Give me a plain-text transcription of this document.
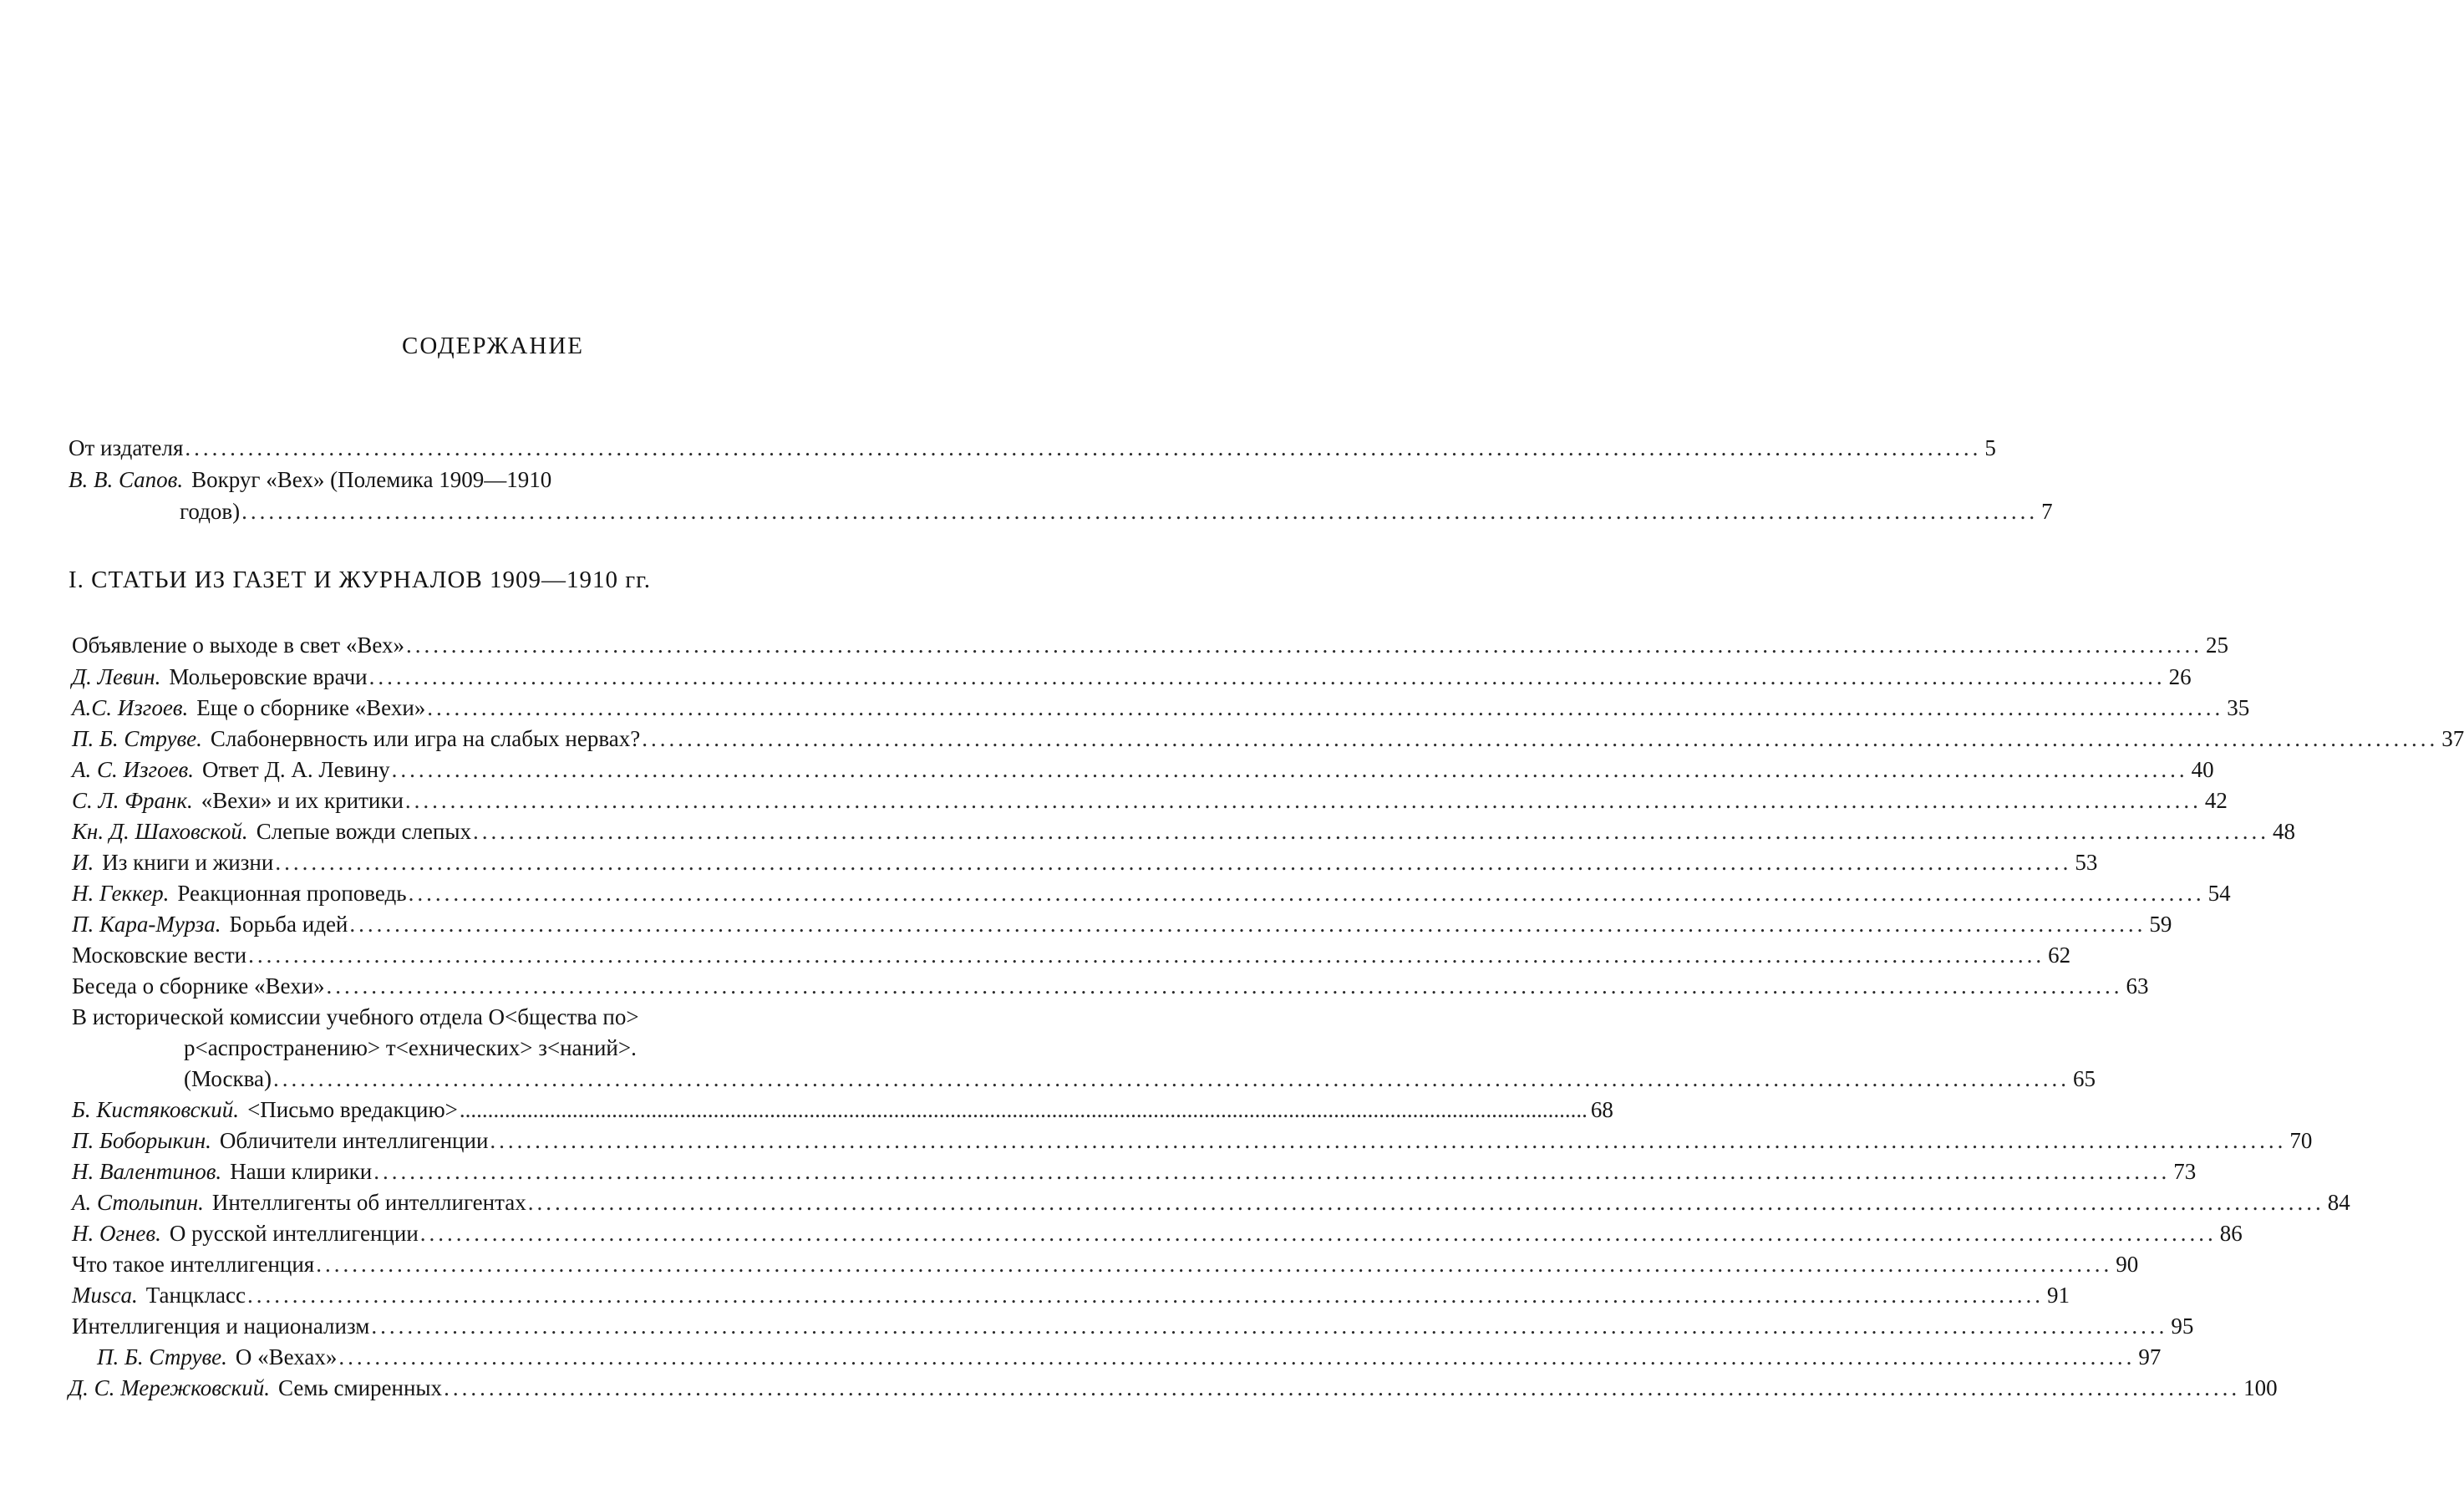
СОДЕРЖАНИЕ
От издателя ........................................................................................................................................................................................................ 5
В. В. Сапов. Вокруг «Вех» (Полемика 1909—1910
годов) ........................................................................................................................................................................................................ 7
I. СТАТЬИ ИЗ ГАЗЕТ И ЖУРНАЛОВ 1909—1910 гг.
Объявление о выходе в свет «Вех» ........................................................................................................................................................................................................ 25
Д. Левин. Мольеровские врачи ........................................................................................................................................................................................................ 26
А.С. Изгоев. Еще о сборнике «Вехи» ........................................................................................................................................................................................................ 35
П. Б. Струве. Слабонервность или игра на слабых нервах? ........................................................................................................................................................................................................ 37
А. С. Изгоев. Ответ Д. А. Левину ........................................................................................................................................................................................................ 40
С. Л. Франк. «Вехи» и их критики ........................................................................................................................................................................................................ 42
Кн. Д. Шаховской. Слепые вожди слепых ........................................................................................................................................................................................................ 48
И. Из книги и жизни ........................................................................................................................................................................................................ 53
Н. Геккер. Реакционная проповедь ........................................................................................................................................................................................................ 54
П. Кара-Мурза. Борьба идей ........................................................................................................................................................................................................ 59
Московские вести ........................................................................................................................................................................................................ 62
Беседа о сборнике «Вехи» ........................................................................................................................................................................................................ 63
В исторической комиссии учебного отдела О<бщества по>
р<аспространению> т<ехнических> з<наний>.
(Москва) ........................................................................................................................................................................................................ 65
Б. Кистяковский. <Письмо в редакцию> ........................................................................................................................................................................................................ 68
П. Боборыкин. Обличители интеллигенции ........................................................................................................................................................................................................ 70
Н. Валентинов. Наши клирики ........................................................................................................................................................................................................ 73
А. Столыпин. Интеллигенты об интеллигентах ........................................................................................................................................................................................................ 84
Н. Огнев. О русской интеллигенции ........................................................................................................................................................................................................ 86
Что такое интеллигенция ........................................................................................................................................................................................................ 90
Musca. Танцкласс ........................................................................................................................................................................................................ 91
Интеллигенция и национализм ........................................................................................................................................................................................................ 95
П. Б. Струве. О «Вехах» ........................................................................................................................................................................................................ 97
Д. С. Мережковский. Семь смиренных ........................................................................................................................................................................................................ 100
